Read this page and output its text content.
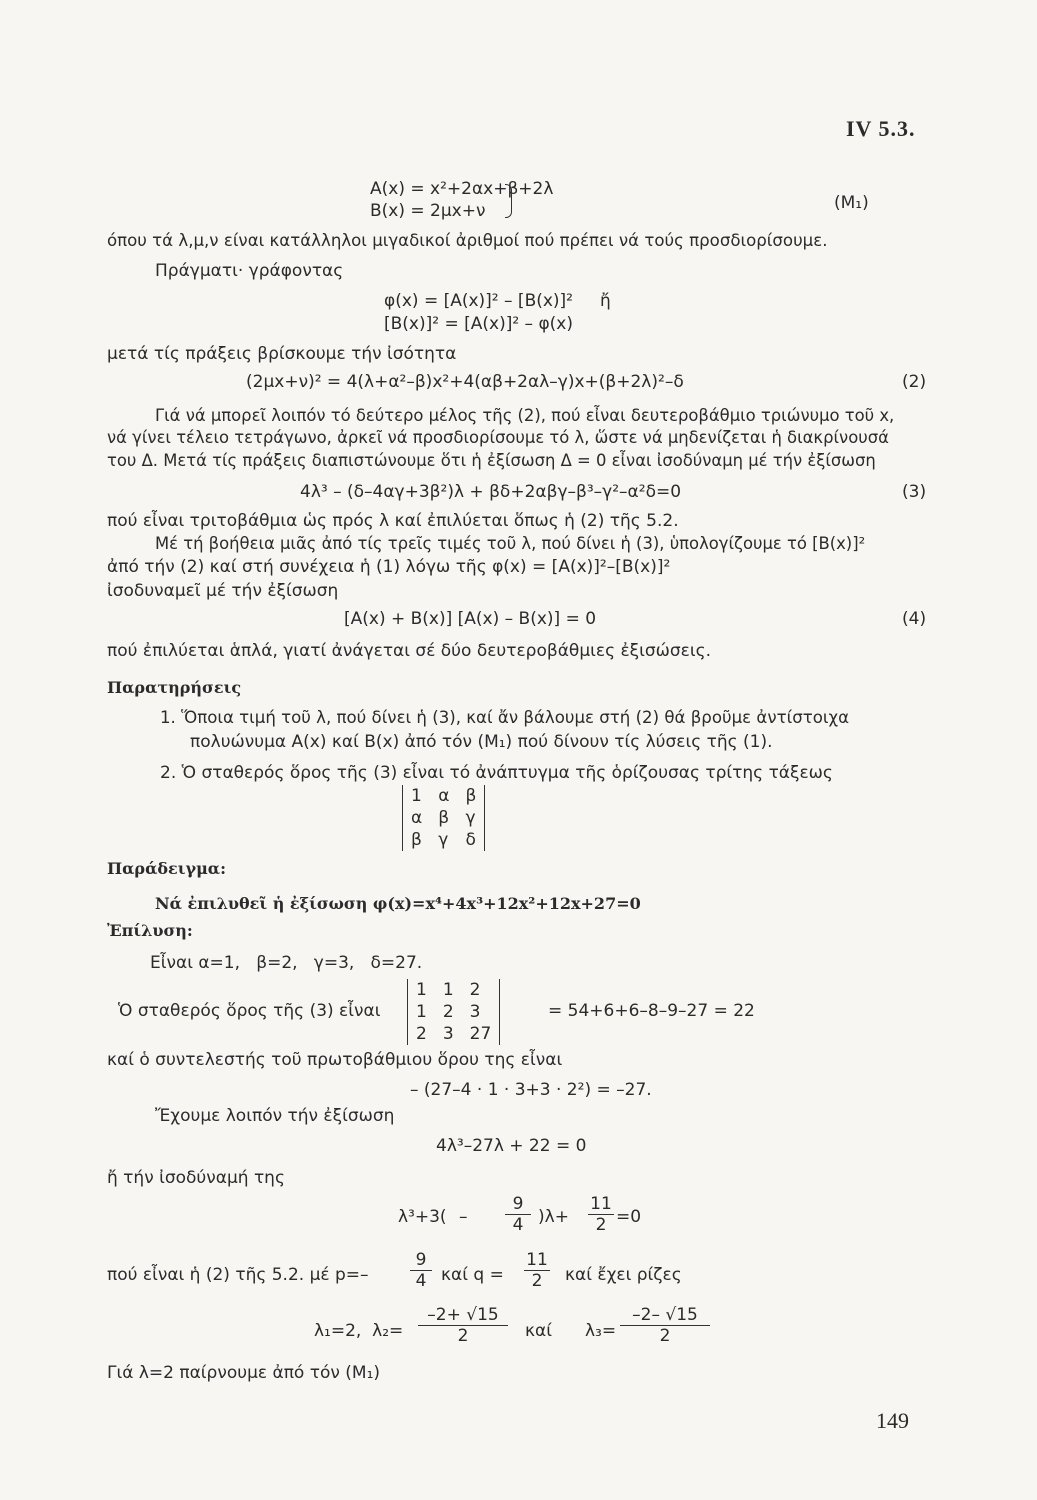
IV 5.3.
A(x) = x²+2αx+β+2λ
B(x) = 2μx+ν	(M₁)
όπου τά λ,μ,ν είναι κατάλληλοι μιγαδικοί ἀριθμοί πού πρέπει νά τούς προσδιορίσουμε.
Πράγματι· γράφοντας
φ(x) = [A(x)]² – [B(x)]²     ἤ
[B(x)]² = [A(x)]² – φ(x)
μετά τίς πράξεις βρίσκουμε τήν ἰσότητα
(2μx+ν)² = 4(λ+α²–β)x²+4(αβ+2αλ–γ)x+(β+2λ)²–δ	(2)
Γιά νά μπορεῖ λοιπόν τό δεύτερο μέλος τῆς (2), πού εἶναι δευτεροβάθμιο τριώνυμο τοῦ x,
νά γίνει τέλειο τετράγωνο, ἀρκεῖ νά προσδιορίσουμε τό λ, ὥστε νά μηδενίζεται ἡ διακρίνουσά
του Δ. Μετά τίς πράξεις διαπιστώνουμε ὅτι ἡ ἐξίσωση Δ = 0 εἶναι ἰσοδύναμη μέ τήν ἐξίσωση
4λ³ – (δ–4αγ+3β²)λ + βδ+2αβγ–β³–γ²–α²δ=0	(3)
πού εἶναι τριτοβάθμια ὡς πρός λ καί ἐπιλύεται ὅπως ἡ (2) τῆς 5.2.
Μέ τή βοήθεια μιᾶς ἀπό τίς τρεῖς τιμές τοῦ λ, πού δίνει ἡ (3), ὑπολογίζουμε τό [B(x)]²
ἀπό τήν (2) καί στή συνέχεια ἡ (1) λόγω τῆς φ(x) = [A(x)]²–[B(x)]²
ἰσοδυναμεῖ μέ τήν ἐξίσωση
[A(x) + B(x)] [A(x) – B(x)] = 0	(4)
πού ἐπιλύεται ἁπλά, γιατί ἀνάγεται σέ δύο δευτεροβάθμιες ἐξισώσεις.
Παρατηρήσεις
1. Ὅποια τιμή τοῦ λ, πού δίνει ἡ (3), καί ἄν βάλουμε στή (2) θά βροῦμε ἀντίστοιχα
πολυώνυμα A(x) καί B(x) ἀπό τόν (M₁) πού δίνουν τίς λύσεις τῆς (1).
2. Ὁ σταθερός ὅρος τῆς (3) εἶναι τό ἀνάπτυγμα τῆς ὁρίζουσας τρίτης τάξεως
1	α	β
α	β	γ
β	γ	δ
Παράδειγμα:
Νά ἐπιλυθεῖ ἡ ἐξίσωση φ(x)=x⁴+4x³+12x²+12x+27=0
Ἐπίλυση:
Εἶναι α=1,   β=2,   γ=3,   δ=27.
Ὁ σταθερός ὅρος τῆς (3) εἶναι
1	1	2
1	2	3
2	3	27
= 54+6+6–8–9–27 = 22
καί ὁ συντελεστής τοῦ πρωτοβάθμιου ὅρου της εἶναι
– (27–4 · 1 · 3+3 · 2²) = –27.
Ἔχουμε λοιπόν τήν ἐξίσωση
4λ³–27λ + 22 = 0
ἤ τήν ἰσοδύναμή της
$\lambda^3+3( - \frac{9}{4} )\lambda+ \frac{11}{2} =0$
πού εἶναι ἡ (2) τῆς 5.2. μέ $p=- \frac{9}{4}$ καί $q = \frac{11}{2}$ καί ἔχει ρίζες
λ₁=2,  $\lambda_2= \frac{-2+ √15}{2}$ καί $\lambda_3= \frac{-2- √15}{2}$
Γιά λ=2 παίρνουμε ἀπό τόν (M₁)
149
